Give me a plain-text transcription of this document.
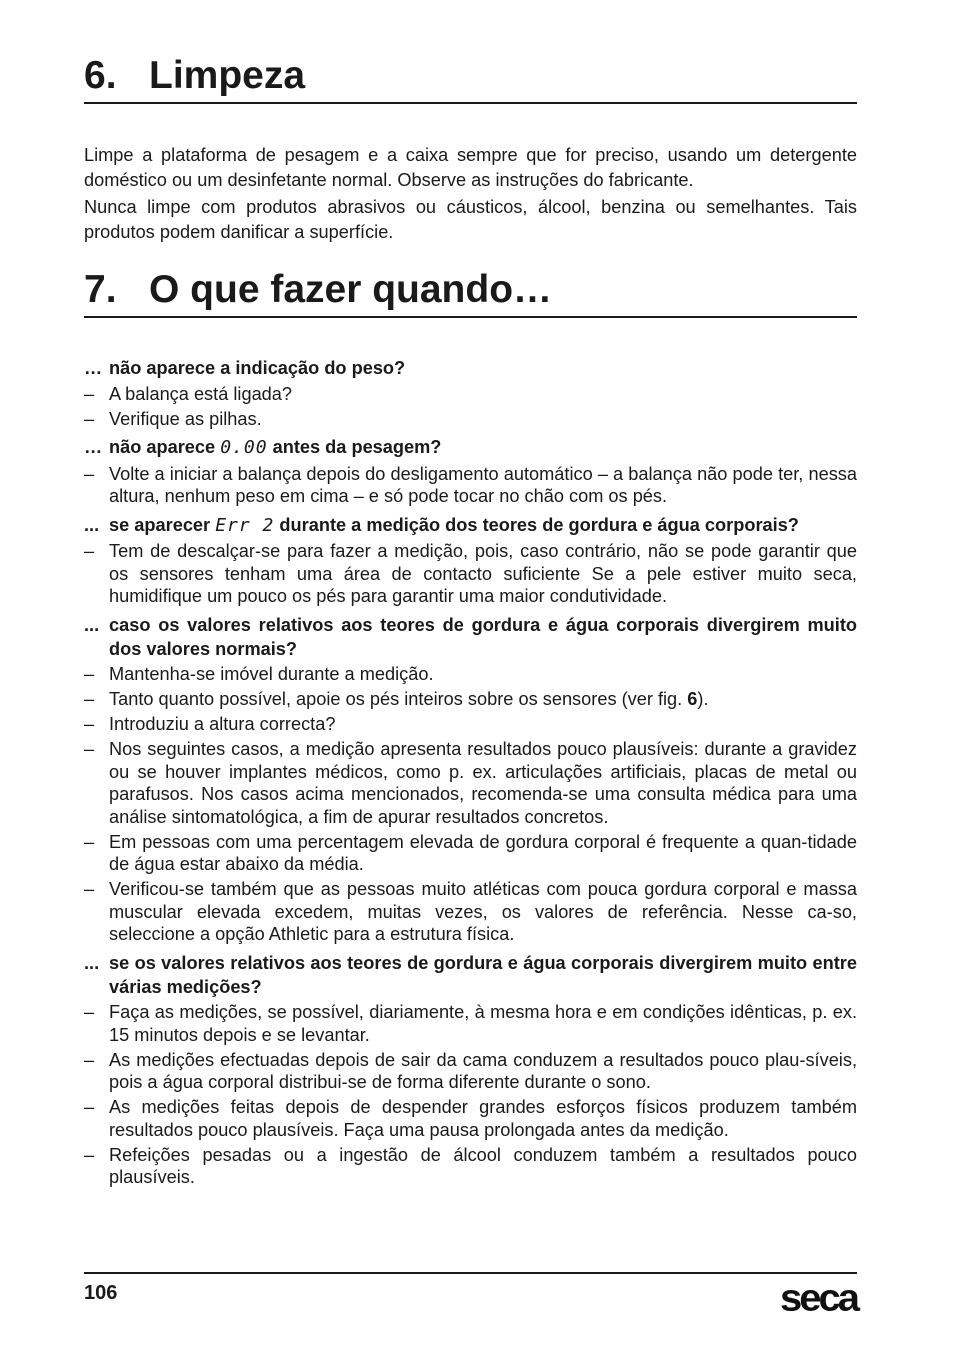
6. Limpeza
Limpe a plataforma de pesagem e a caixa sempre que for preciso, usando um detergente doméstico ou um desinfetante normal. Observe as instruções do fabricante.
Nunca limpe com produtos abrasivos ou cáusticos, álcool, benzina ou semelhantes. Tais produtos podem danificar a superfície.
7. O que fazer quando…
… não aparece a indicação do peso?
– A balança está ligada?
– Verifique as pilhas.
… não aparece 0.00 antes da pesagem?
– Volte a iniciar a balança depois do desligamento automático – a balança não pode ter, nessa altura, nenhum peso em cima – e só pode tocar no chão com os pés.
... se aparecer Err 2 durante a medição dos teores de gordura e água corporais?
– Tem de descalçar-se para fazer a medição, pois, caso contrário, não se pode garantir que os sensores tenham uma área de contacto suficiente Se a pele estiver muito seca, humidifique um pouco os pés para garantir uma maior condutividade.
... caso os valores relativos aos teores de gordura e água corporais divergirem muito dos valores normais?
– Mantenha-se imóvel durante a medição.
– Tanto quanto possível, apoie os pés inteiros sobre os sensores (ver fig. 6).
– Introduziu a altura correcta?
– Nos seguintes casos, a medição apresenta resultados pouco plausíveis: durante a gravidez ou se houver implantes médicos, como p. ex. articulações artificiais, placas de metal ou parafusos. Nos casos acima mencionados, recomenda-se uma consulta médica para uma análise sintomatológica, a fim de apurar resultados concretos.
– Em pessoas com uma percentagem elevada de gordura corporal é frequente a quan-tidade de água estar abaixo da média.
– Verificou-se também que as pessoas muito atléticas com pouca gordura corporal e massa muscular elevada excedem, muitas vezes, os valores de referência. Nesse ca-so, seleccione a opção Athletic para a estrutura física.
... se os valores relativos aos teores de gordura e água corporais divergirem muito entre várias medições?
– Faça as medições, se possível, diariamente, à mesma hora e em condições idênticas, p. ex. 15 minutos depois e se levantar.
– As medições efectuadas depois de sair da cama conduzem a resultados pouco plau-síveis, pois a água corporal distribui-se de forma diferente durante o sono.
– As medições feitas depois de despender grandes esforços físicos produzem também resultados pouco plausíveis. Faça uma pausa prolongada antes da medição.
– Refeições pesadas ou a ingestão de álcool conduzem também a resultados pouco plausíveis.
106	seca
